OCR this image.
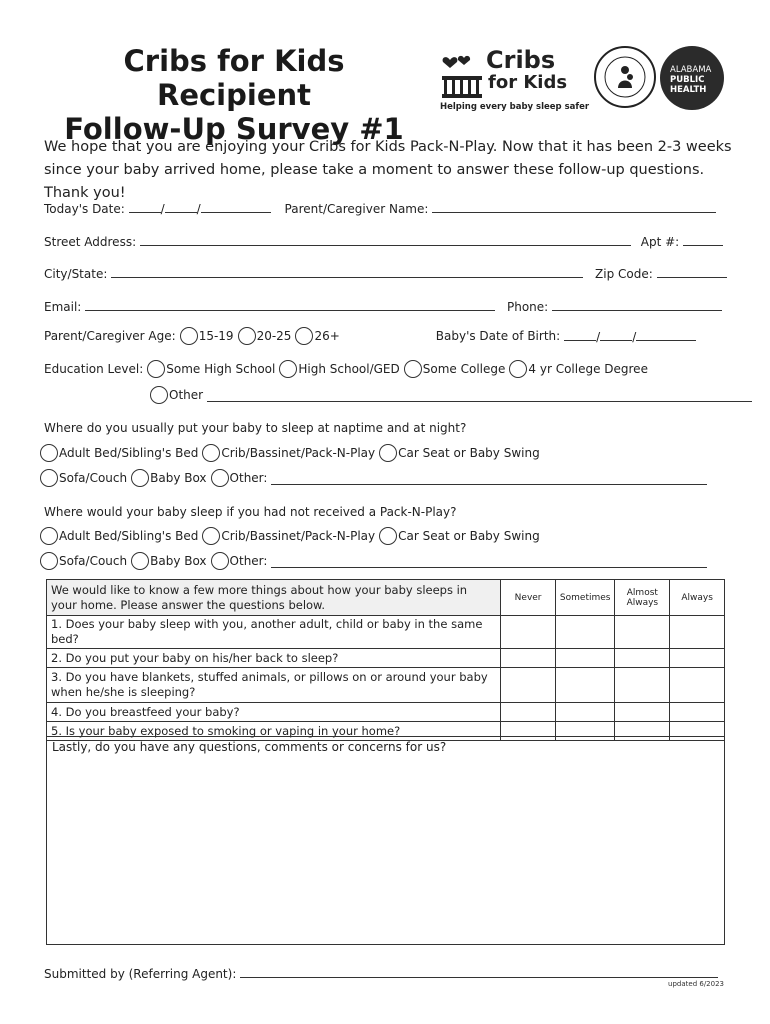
Cribs for Kids Recipient
Follow-Up Survey #1
Cribs
for Kids
Helping every baby sleep safer
ALABAMA
PUBLIC
HEALTH
We hope that you are enjoying your Cribs for Kids Pack-N-Play. Now that it has been 2-3 weeks since your baby arrived home, please take a moment to answer these follow-up questions. Thank you!
Today's Date:	/	/	Parent/Caregiver Name:
Street Address:	Apt #:
City/State:	Zip Code:
Email:	Phone:
Parent/Caregiver Age: 15-19 20-25 26+	Baby's Date of Birth:	/	/
Education Level: Some High School High School/GED Some College 4 yr College Degree
Other
Where do you usually put your baby to sleep at naptime and at night?
Adult Bed/Sibling's Bed Crib/Bassinet/Pack-N-Play Car Seat or Baby Swing
Sofa/Couch Baby Box Other:
Where would your baby sleep if you had not received a Pack-N-Play?
Adult Bed/Sibling's Bed Crib/Bassinet/Pack-N-Play Car Seat or Baby Swing
Sofa/Couch Baby Box Other:
We would like to know a few more things about how your baby sleeps in your home. Please answer the questions below.	Never	Sometimes	Almost Always	Always
1. Does your baby sleep with you, another adult, child or baby in the same bed?				
2. Do you put your baby on his/her back to sleep?				
3. Do you have blankets, stuffed animals, or pillows on or around your baby when he/she is sleeping?				
4. Do you breastfeed your baby?				
5. Is your baby exposed to smoking or vaping in your home?				
Lastly, do you have any questions, comments or concerns for us?
Submitted by (Referring Agent):
updated 6/2023
